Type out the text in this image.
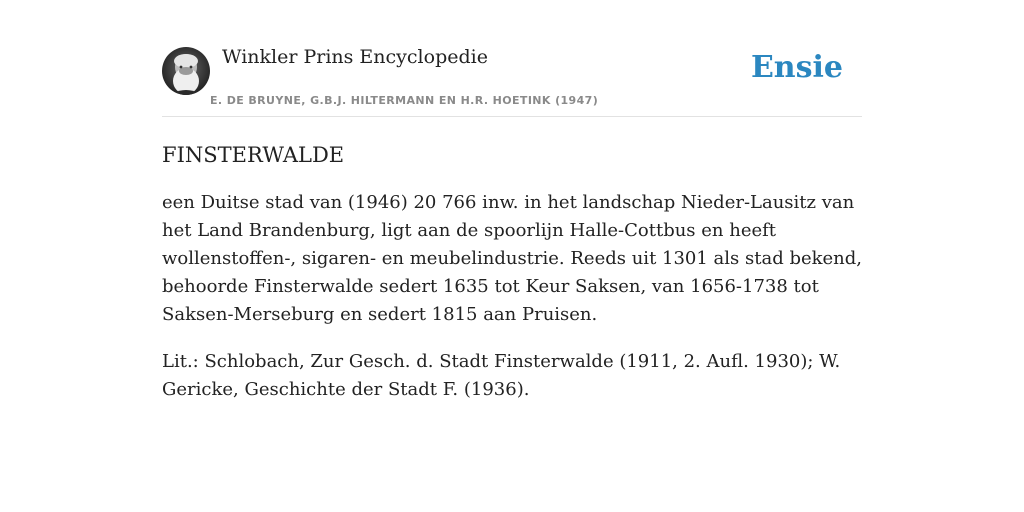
Winkler Prins Encyclopedie
E. DE BRUYNE, G.B.J. HILTERMANN EN H.R. HOETINK (1947)
Ensie
FINSTERWALDE

een Duitse stad van (1946) 20 766 inw. in het landschap Nieder-Lausitz van het Land Brandenburg, ligt aan de spoorlijn Halle-Cottbus en heeft wollenstoffen-, sigaren- en meubelindustrie. Reeds uit 1301 als stad bekend, behoorde Finsterwalde sedert 1635 tot Keur Saksen, van 1656-1738 tot Saksen-Merseburg en sedert 1815 aan Pruisen.

Lit.: Schlobach, Zur Gesch. d. Stadt Finsterwalde (1911, 2. Aufl. 1930); W. Gericke, Geschichte der Stadt F. (1936).
